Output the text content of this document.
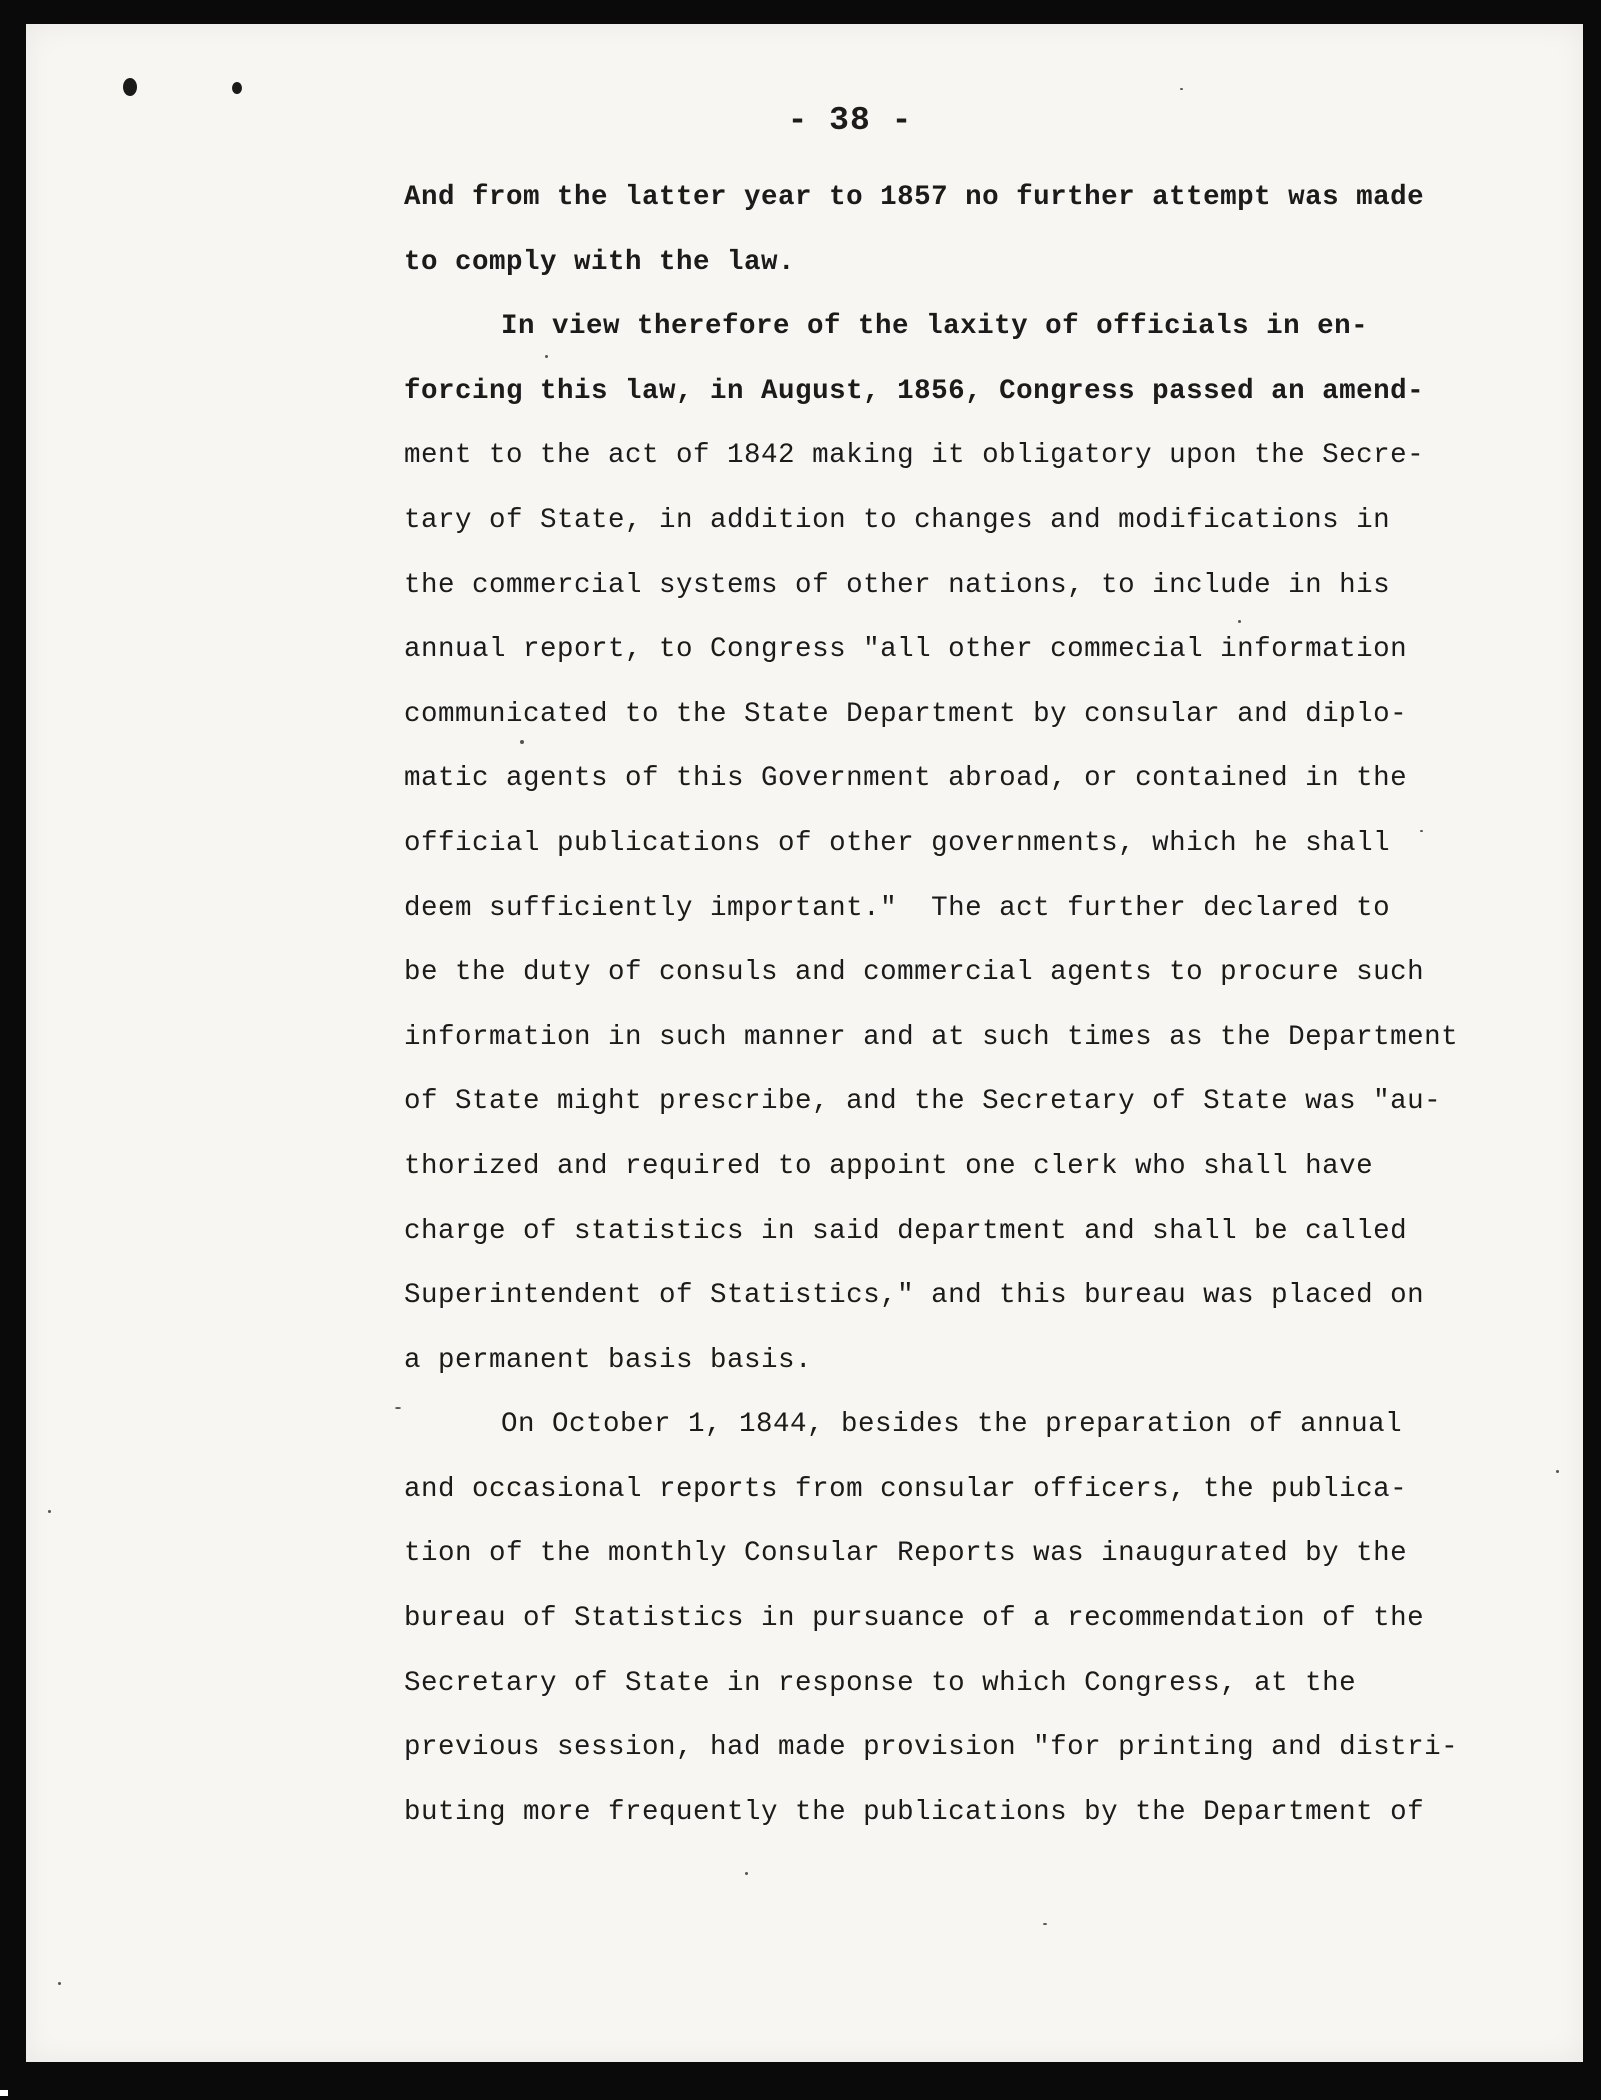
- 38 -
And from the latter year to 1857 no further attempt was made
to comply with the law.
In view therefore of the laxity of officials in en-
forcing this law, in August, 1856, Congress passed an amend-
ment to the act of 1842 making it obligatory upon the Secre-
tary of State, in addition to changes and modifications in
the commercial systems of other nations, to include in his
annual report, to Congress "all other commecial information
communicated to the State Department by consular and diplo-
matic agents of this Government abroad, or contained in the
official publications of other governments, which he shall
deem sufficiently important."  The act further declared to
be the duty of consuls and commercial agents to procure such
information in such manner and at such times as the Department
of State might prescribe, and the Secretary of State was "au-
thorized and required to appoint one clerk who shall have
charge of statistics in said department and shall be called
Superintendent of Statistics," and this bureau was placed on
a permanent basis basis.
On October 1, 1844, besides the preparation of annual
and occasional reports from consular officers, the publica-
tion of the monthly Consular Reports was inaugurated by the
bureau of Statistics in pursuance of a recommendation of the
Secretary of State in response to which Congress, at the
previous session, had made provision "for printing and distri-
buting more frequently the publications by the Department of
